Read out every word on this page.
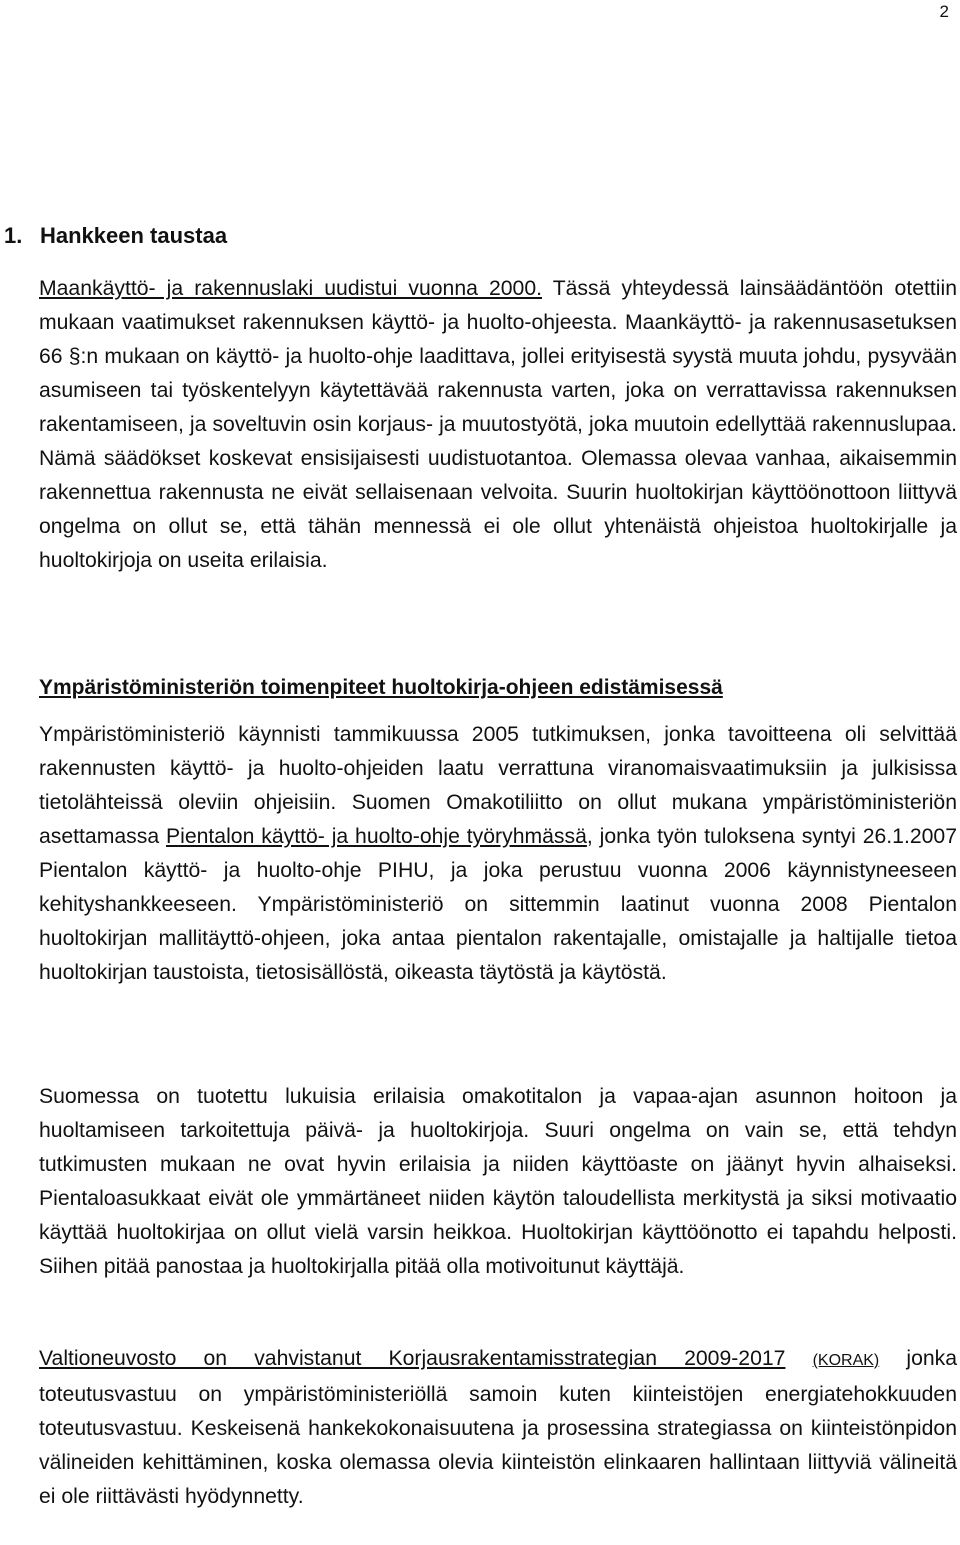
2
1. Hankkeen taustaa

Maankäyttö- ja rakennuslaki uudistui vuonna 2000. Tässä yhteydessä lainsäädäntöön otettiin mukaan vaatimukset rakennuksen käyttö- ja huolto-ohjeesta. Maankäyttö- ja rakennusasetuksen 66 §:n mukaan on käyttö- ja huolto-ohje laadittava, jollei erityisestä syystä muuta johdu, pysyvään asumiseen tai työskentelyyn käytettävää rakennusta varten, joka on verrattavissa rakennuksen rakentamiseen, ja soveltuvin osin korjaus- ja muutostyötä, joka muutoin edellyttää rakennuslupaa. Nämä säädökset koskevat ensisijaisesti uudistuotantoa. Olemassa olevaa vanhaa, aikaisemmin rakennettua rakennusta ne eivät sellaisenaan velvoita. Suurin huoltokirjan käyttöönottoon liittyvä ongelma on ollut se, että tähän mennessä ei ole ollut yhtenäistä ohjeistoa huoltokirjalle ja huoltokirjoja on useita erilaisia.

Ympäristöministeriön toimenpiteet huoltokirja-ohjeen edistämisessä

Ympäristöministeriö käynnisti tammikuussa 2005 tutkimuksen, jonka tavoitteena oli selvittää rakennusten käyttö- ja huolto-ohjeiden laatu verrattuna viranomaisvaatimuksiin ja julkisissa tietolähteissä oleviin ohjeisiin. Suomen Omakotiliitto on ollut mukana ympäristöministeriön asettamassa Pientalon käyttö- ja huolto-ohje työryhmässä, jonka työn tuloksena syntyi 26.1.2007 Pientalon käyttö- ja huolto-ohje PIHU, ja joka perustuu vuonna 2006 käynnistyneeseen kehityshankkeeseen. Ympäristöministeriö on sittemmin laatinut vuonna 2008 Pientalon huoltokirjan mallitäyttö-ohjeen, joka antaa pientalon rakentajalle, omistajalle ja haltijalle tietoa huoltokirjan taustoista, tietosisällöstä, oikeasta täytöstä ja käytöstä.

Suomessa on tuotettu lukuisia erilaisia omakotitalon ja vapaa-ajan asunnon hoitoon ja huoltamiseen tarkoitettuja päivä- ja huoltokirjoja. Suuri ongelma on vain se, että tehdyn tutkimusten mukaan ne ovat hyvin erilaisia ja niiden käyttöaste on jäänyt hyvin alhaiseksi. Pientaloasukkaat eivät ole ymmärtäneet niiden käytön taloudellista merkitystä ja siksi motivaatio käyttää huoltokirjaa on ollut vielä varsin heikkoa. Huoltokirjan käyttöönotto ei tapahdu helposti. Siihen pitää panostaa ja huoltokirjalla pitää olla motivoitunut käyttäjä.

Valtioneuvosto on vahvistanut Korjausrakentamisstrategian 2009-2017 (KORAK) jonka toteutusvastuu on ympäristöministeriöllä samoin kuten kiinteistöjen energiatehokkuuden toteutusvastuu. Keskeisenä hankekokonaisuutena ja prosessina strategiassa on kiinteistönpidon välineiden kehittäminen, koska olemassa olevia kiinteistön elinkaaren hallintaan liittyviä välineitä ei ole riittävästi hyödynnetty.
